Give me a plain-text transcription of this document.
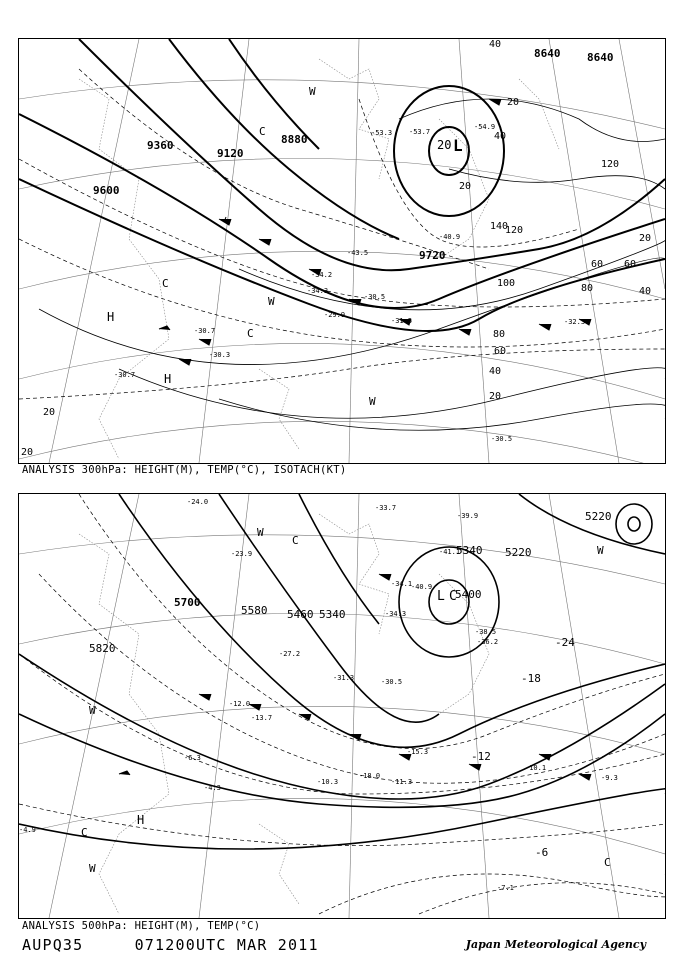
8640 8640
8880
9120
9360
9600
9720
40
20
40
120
20
60
20
40
60
80
100
120
140
80
60
40
20
20
20
-53.7
-54.9
-53.3
-34.2
-43.5
-40.9
-31.5
-30.5
-30.7
-30.3
-29.9
-32.3
-30.5
-30.7
-34.3
20 L
H
H
C
C
C
W
W
W
ANALYSIS 300hPa: HEIGHT(M), TEMP(°C), ISOTACH(KT)
5820
5700
5580 5460 5340
5220
5220
5340
5400
-41.1
-40.9
-39.9
-33.7
-34.1
-36.2
-38.5
-34.3
-31.3	-30.5
-27.2
-24.0
-23.9
-18.0
-15.3
-13.7
-12.0
-11.3
-10.1
-10.3	-9.3
-7.1
-4.3
-4.9
-6.3
-18
-24
-12
-6
L C
H
C
C
C
W
W
W
W
ANALYSIS 500hPa: HEIGHT(M), TEMP(°C)
AUPQ35	071200UTC MAR 2011	Japan Meteorological Agency
